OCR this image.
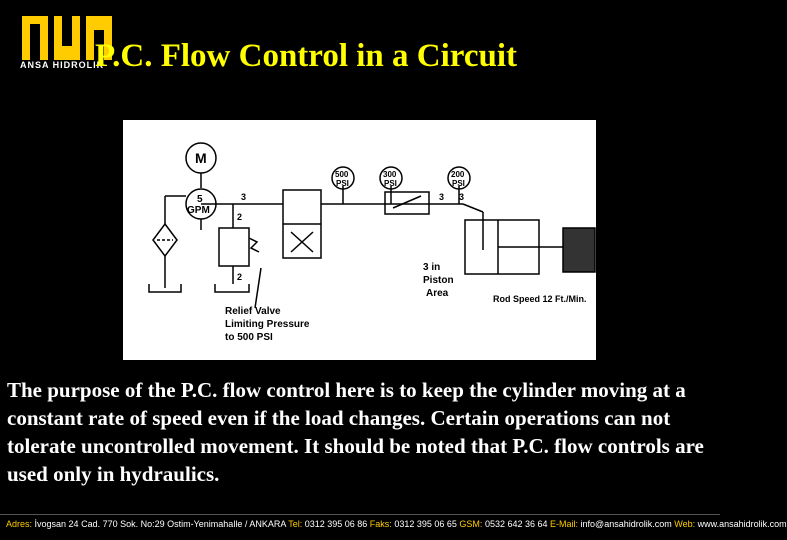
ANSA HIDROLIK
P.C. Flow Control in a Circuit
M
5
GPM
3
2
2
3 3
500
PSI
300
PSI
200
PSI
3 in
Piston
Area	Rod Speed 12 Ft./Min.
Relief Valve
Limiting Pressure
to 500 PSI
The purpose of the P.C. flow control here is to keep the cylinder moving at a constant rate of speed even if the load changes. Certain operations can not tolerate uncontrolled movement. It should be noted that P.C. flow controls are used only in hydraulics.
Adres: İvogsan 24 Cad. 770 Sok. No:29 Ostim-Yenimahalle / ANKARA Tel: 0312 395 06 86 Faks: 0312 395 06 65 GSM: 0532 642 36 64 E-Mail: info@ansahidrolik.com Web: www.ansahidrolik.com
